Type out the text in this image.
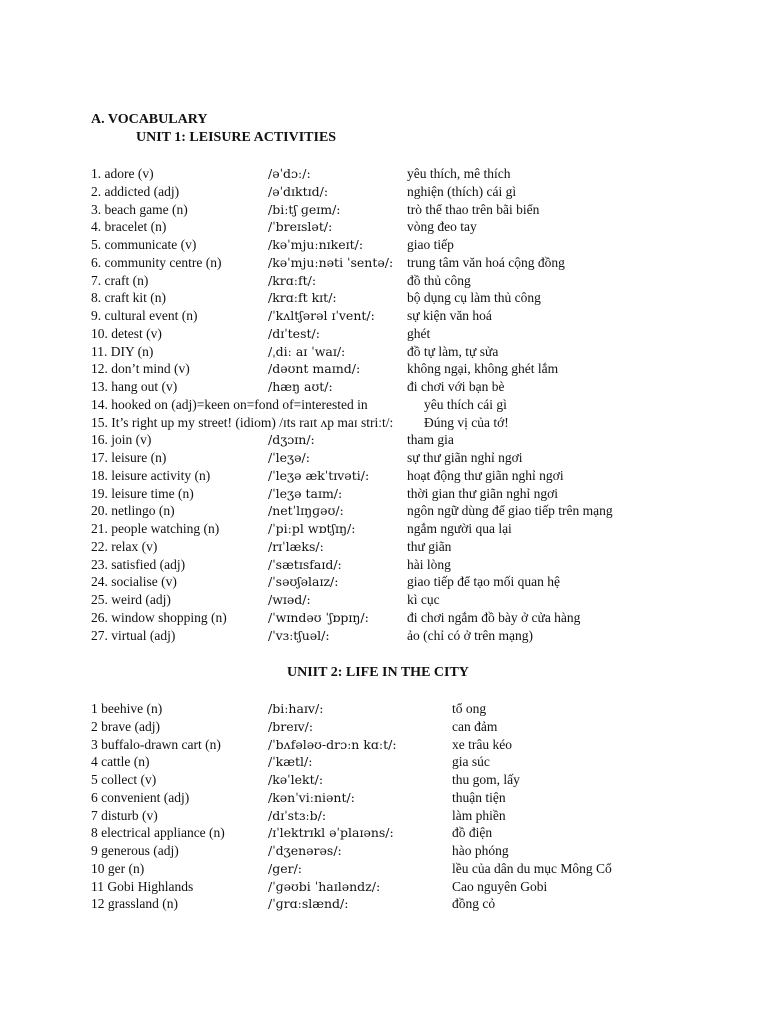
A. VOCABULARY
UNIT 1: LEISURE ACTIVITIES
1. adore (v)	/əˈdɔː/:	yêu thích, mê thích
2. addicted (adj)	/əˈdɪktɪd/:	nghiện (thích) cái gì
3. beach game (n)	/biːtʃ ɡeɪm/:	trò thể thao trên bãi biển
4. bracelet (n)	/ˈbreɪslət/:	vòng đeo tay
5. communicate (v)	/kəˈmjuːnɪkeɪt/:	giao tiếp
6. community centre (n)	/kəˈmjuːnəti ˈsentə/: trung tâm văn hoá cộng đồng
7. craft (n)	/krɑːft/:	đồ thủ công
8. craft kit (n)	/krɑːft kɪt/:	bộ dụng cụ làm thủ công
9. cultural event (n)	/ˈkʌltʃərəl ɪˈvent/: sự kiện văn hoá
10. detest (v)	/dɪˈtest/:	ghét
11. DIY (n)	/ˌdiː aɪ ˈwaɪ/:	đồ tự làm, tự sửa
12. don’t mind (v)	/dəʊnt maɪnd/:	không ngại, không ghét lắm
13. hang out (v)	/hæŋ aʊt/:	đi chơi với bạn bè
14. hooked on (adj)=keen on=fond of=interested in	yêu thích cái gì
15. It’s right up my street! (idiom) /ɪts raɪt ʌp maɪ striːt/: Đúng vị của tớ!
16. join (v)	/dʒɔɪn/:	tham gia
17. leisure (n)	/ˈleʒə/:	sự thư giãn nghỉ ngơi
18. leisure activity (n)	/ˈleʒə ækˈtɪvəti/:	hoạt động thư giãn nghỉ ngơi
19. leisure time (n)	/ˈleʒə taɪm/:	thời gian thư giãn nghỉ ngơi
20. netlingo (n)	/netˈlɪŋɡəʊ/:	ngôn ngữ dùng để giao tiếp trên mạng
21. people watching (n)	/ˈpiːpl wɒtʃɪŋ/:	ngắm người qua lại
22. relax (v)	/rɪˈlæks/:	thư giãn
23. satisfied (adj)	/ˈsætɪsfaɪd/:	hài lòng
24. socialise (v)	/ˈsəʊʃəlaɪz/:	giao tiếp để tạo mối quan hệ
25. weird (adj)	/wɪəd/:	kì cục
26. window shopping (n)	/ˈwɪndəʊ ˈʃɒpɪŋ/:	đi chơi ngắm đồ bày ở cửa hàng
27. virtual (adj)	/ˈvɜːtʃuəl/:	ảo (chỉ có ở trên mạng)
UNIIT 2: LIFE IN THE CITY
1 beehive (n)	/biːhaɪv/:	tổ ong
2 brave (adj)	/breɪv/:	can đảm
3 buffalo-drawn cart (n)	/ˈbʌfələʊ-drɔːn kɑːt/:	xe trâu kéo
4 cattle (n)	/ˈkætl/:	gia súc
5 collect (v)	/kəˈlekt/:	thu gom, lấy
6 convenient (adj)	/kənˈviːniənt/:	thuận tiện
7 disturb (v)	/dɪˈstɜːb/:	làm phiền
8 electrical appliance (n)	/ɪˈlektrɪkl əˈplaɪəns/:	đồ điện
9 generous (adj)	/ˈdʒenərəs/:	hào phóng
10 ger (n)	/ger/:	lều của dân du mục Mông Cổ
11 Gobi Highlands	/ˈɡəʊbi ˈhaɪləndz/:	Cao nguyên Gobi
12 grassland (n)	/ˈɡrɑːslænd/:	đồng cỏ
